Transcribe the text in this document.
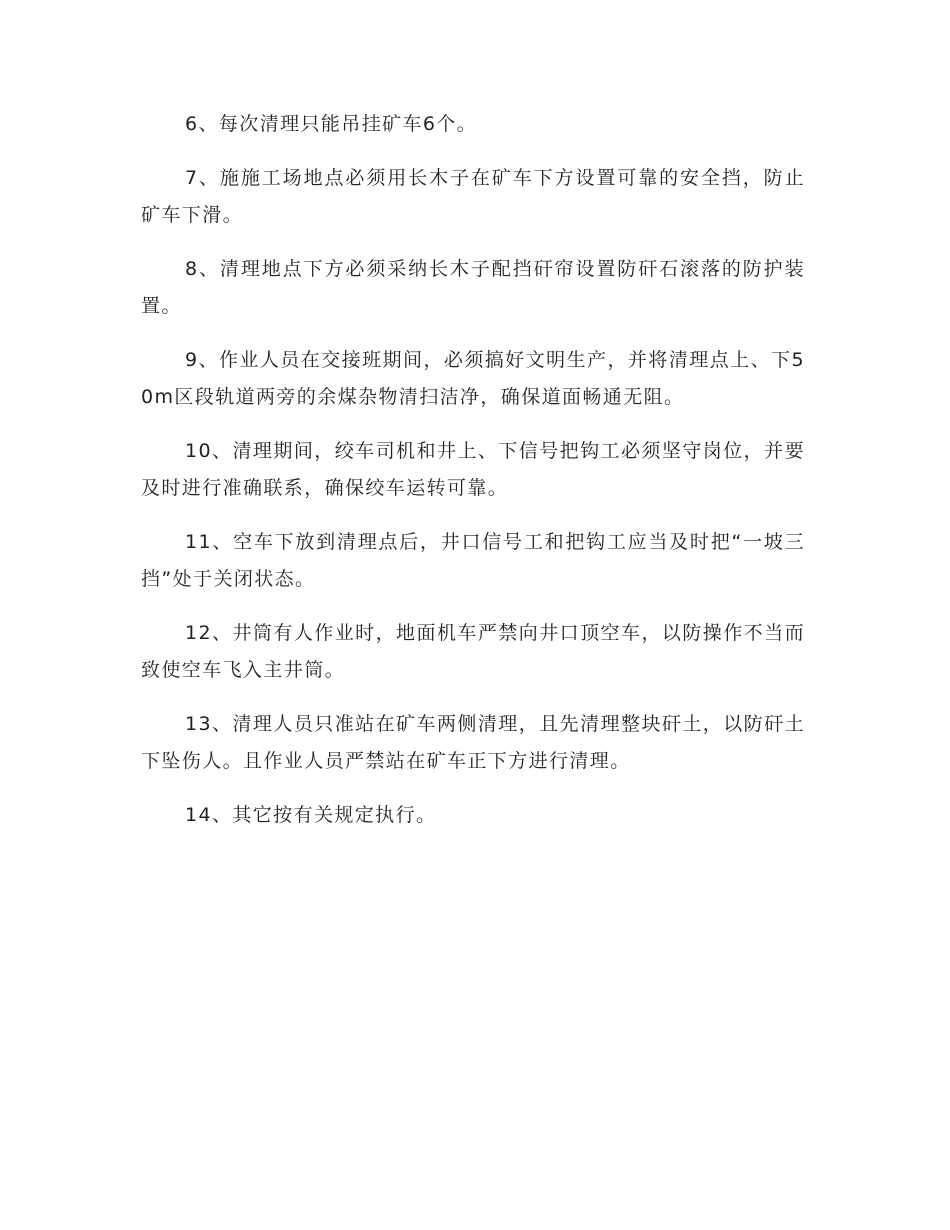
6、每次清理只能吊挂矿车6个。

7、施施工场地点必须用长木子在矿车下方设置可靠的安全挡，防止矿车下滑。

8、清理地点下方必须采纳长木子配挡矸帘设置防矸石滚落的防护装置。

9、作业人员在交接班期间，必须搞好文明生产，并将清理点上、下50m区段轨道两旁的余煤杂物清扫洁净，确保道面畅通无阻。

10、清理期间，绞车司机和井上、下信号把钩工必须坚守岗位，并要及时进行准确联系，确保绞车运转可靠。

11、空车下放到清理点后，井口信号工和把钩工应当及时把“一坡三挡”处于关闭状态。

12、井筒有人作业时，地面机车严禁向井口顶空车，以防操作不当而致使空车飞入主井筒。

13、清理人员只准站在矿车两侧清理，且先清理整块矸土，以防矸土下坠伤人。且作业人员严禁站在矿车正下方进行清理。

14、其它按有关规定执行。
